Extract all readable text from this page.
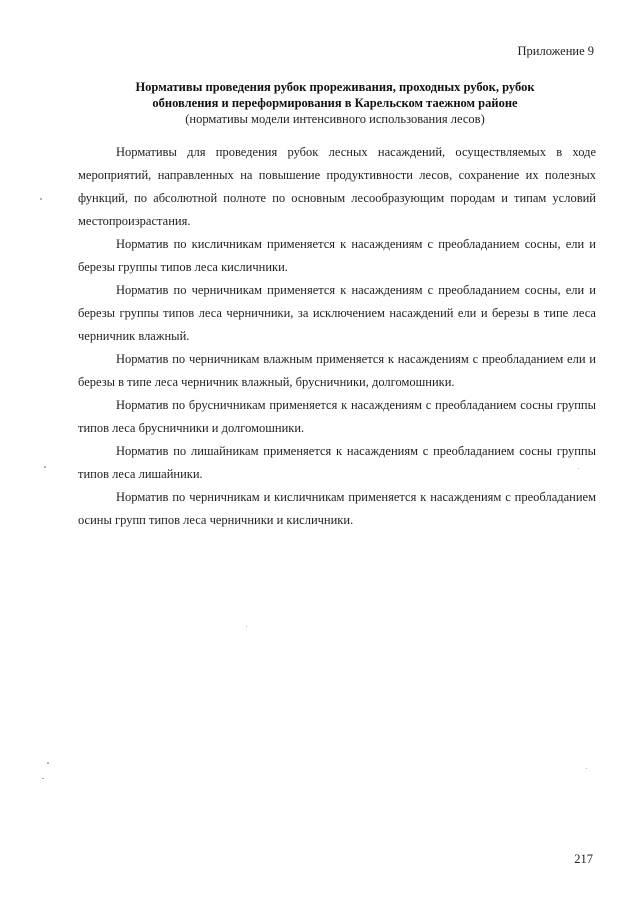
Приложение 9
Нормативы проведения рубок прореживания, проходных рубок, рубок
обновления и переформирования в Карельском таежном районе
(нормативы модели интенсивного использования лесов)

Нормативы для проведения рубок лесных насаждений, осуществляемых в ходе мероприятий, направленных на повышение продуктивности лесов, сохранение их полезных функций, по абсолютной полноте по основным лесообразующим породам и типам условий местопроизрастания.

Норматив по кисличникам применяется к насаждениям с преобладанием сосны, ели и березы группы типов леса кисличники.

Норматив по черничникам применяется к насаждениям с преобладанием сосны, ели и березы группы типов леса черничники, за исключением насаждений ели и березы в типе леса черничник влажный.

Норматив по черничникам влажным применяется к насаждениям с преобладанием ели и березы в типе леса черничник влажный, брусничники, долгомошники.

Норматив по брусничникам применяется к насаждениям с преобладанием сосны группы типов леса брусничники и долгомошники.

Норматив по лишайникам применяется к насаждениям с преобладанием сосны группы типов леса лишайники.

Норматив по черничникам и кисличникам применяется к насаждениям с преобладанием осины групп типов леса черничники и кисличники.

217
